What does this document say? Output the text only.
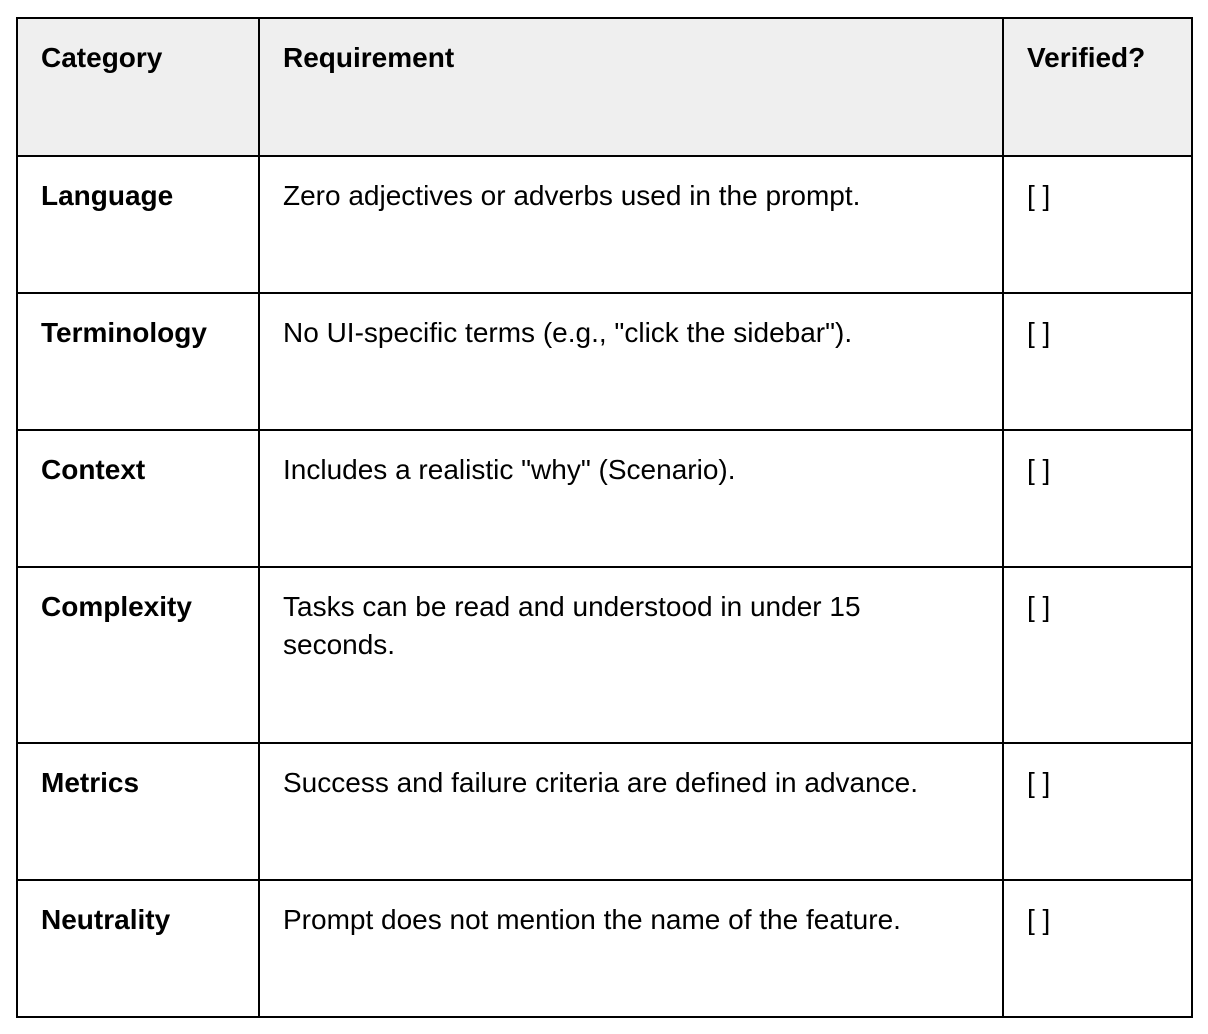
Category	Requirement	Verified?
Language	Zero adjectives or adverbs used in the prompt.	[ ]
Terminology	No UI-specific terms (e.g., "click the sidebar").	[ ]
Context	Includes a realistic "why" (Scenario).	[ ]
Complexity	Tasks can be read and understood in under 15 seconds.	[ ]
Metrics	Success and failure criteria are defined in advance.	[ ]
Neutrality	Prompt does not mention the name of the feature.	[ ]
